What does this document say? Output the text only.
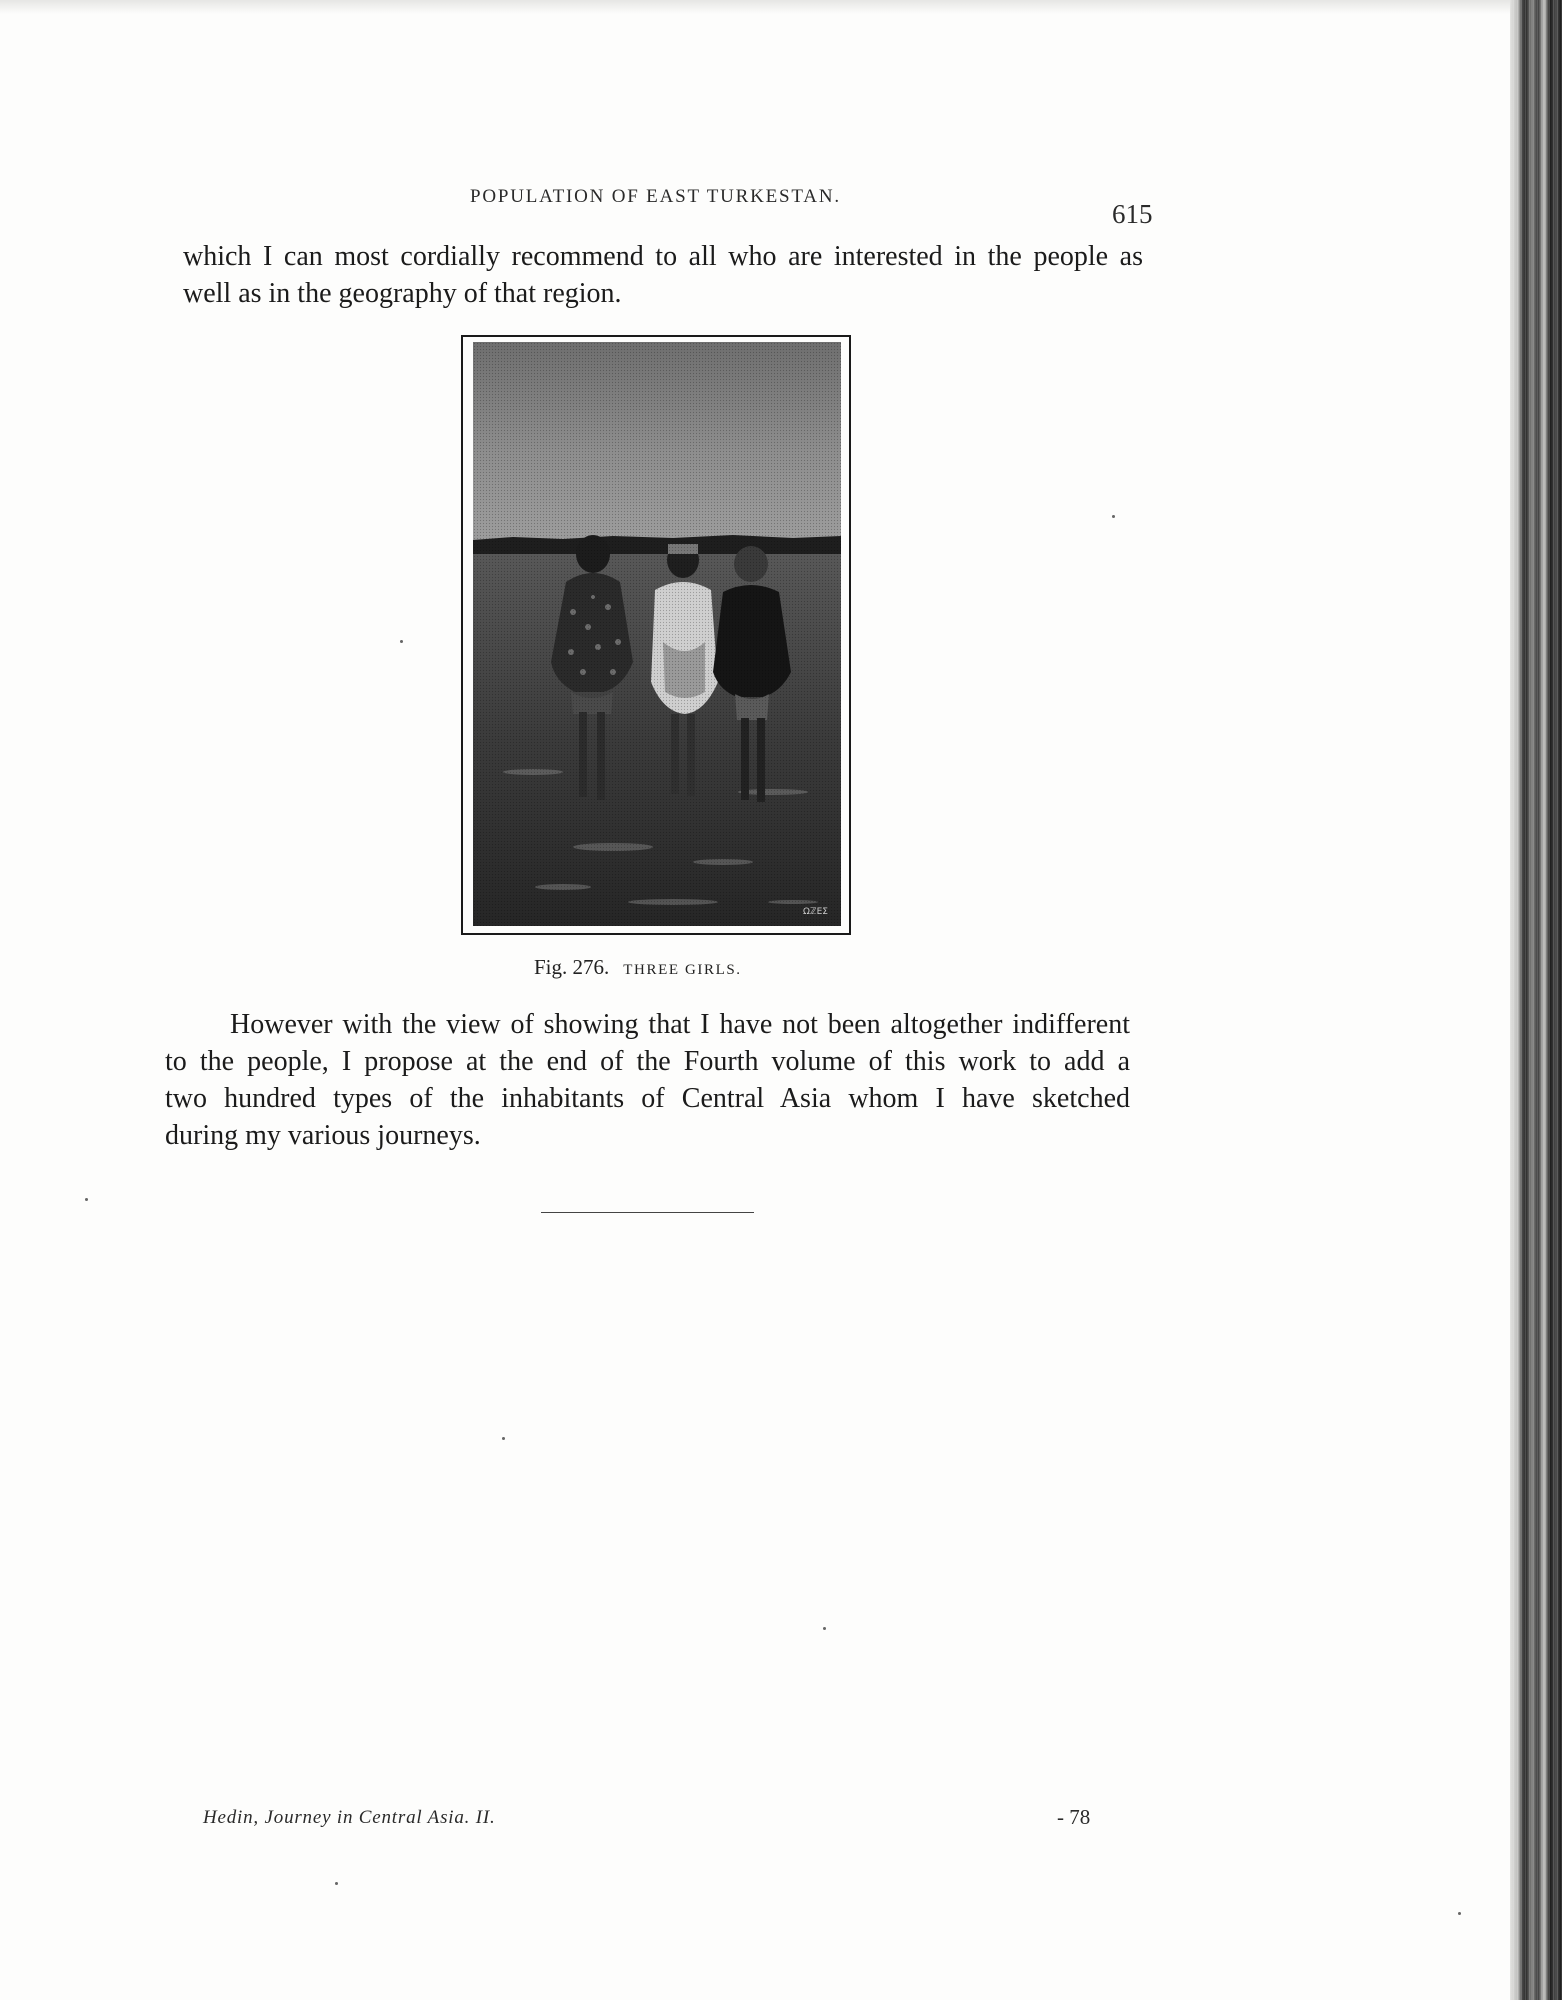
POPULATION OF EAST TURKESTAN.
615
which I can most cordially recommend to all who are interested in the people as
well as in the geography of that region.
ΩℤΕΣ
Fig. 276. THREE GIRLS.
However with the view of showing that I have not been altogether indifferent
to the people, I propose at the end of the Fourth volume of this work to add a
two hundred types of the inhabitants of Central Asia whom I have sketched
during my various journeys.
Hedin, Journey in Central Asia. II.	- 78
